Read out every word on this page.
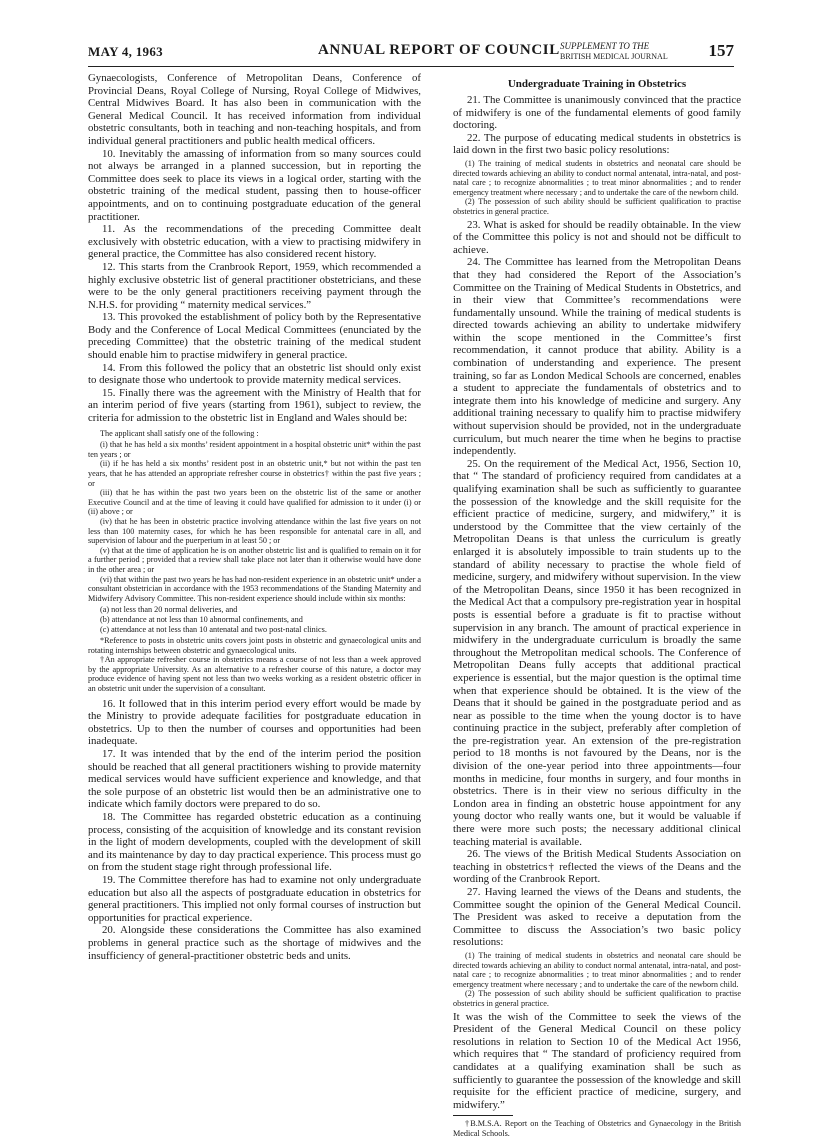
MAY 4, 1963	ANNUAL REPORT OF COUNCIL SUPPLEMENT TO THE
BRITISH MEDICAL JOURNAL 157

Gynaecologists, Conference of Metropolitan Deans, Conference of Provincial Deans, Royal College of Nursing, Royal College of Midwives, Central Midwives Board. It has also been in communication with the General Medical Council. It has received information from individual obstetric consultants, both in teaching and non-teaching hospitals, and from individual general practitioners and public health medical officers.

10. Inevitably the amassing of information from so many sources could not always be arranged in a planned succession, but in reporting the Committee does seek to place its views in a logical order, starting with the obstetric training of the medical student, passing then to house-officer appointments, and on to continuing postgraduate education of the general practitioner.

11. As the recommendations of the preceding Committee dealt exclusively with obstetric education, with a view to practising midwifery in general practice, the Committee has also considered recent history.

12. This starts from the Cranbrook Report, 1959, which recommended a highly exclusive obstetric list of general practitioner obstetricians, and these were to be the only general practitioners receiving payment through the N.H.S. for providing “ maternity medical services.”

13. This provoked the establishment of policy both by the Representative Body and the Conference of Local Medical Committees (enunciated by the preceding Committee) that the obstetric training of the medical student should enable him to practise midwifery in general practice.

14. From this followed the policy that an obstetric list should only exist to designate those who undertook to provide maternity medical services.

15. Finally there was the agreement with the Ministry of Health that for an interim period of five years (starting from 1961), subject to review, the criteria for admission to the obstetric list in England and Wales should be:

The applicant shall satisfy one of the following :

(i) that he has held a six months’ resident appointment in a hospital obstetric unit* within the past ten years ; or

(ii) if he has held a six months’ resident post in an obstetric unit,* but not within the past ten years, that he has attended an appropriate refresher course in obstetrics† within the past five years ; or

(iii) that he has within the past two years been on the obstetric list of the same or another Executive Council and at the time of leaving it could have qualified for admission to it under (i) or (ii) above ; or

(iv) that he has been in obstetric practice involving attendance within the last five years on not less than 100 maternity cases, for which he has been responsible for antenatal care in all, and supervision of labour and the puerperium in at least 50 ; or

(v) that at the time of application he is on another obstetric list and is qualified to remain on it for a further period ; provided that a review shall take place not later than it otherwise would have done in the other area ; or

(vi) that within the past two years he has had non-resident experience in an obstetric unit* under a consultant obstetrician in accordance with the 1953 recommendations of the Standing Maternity and Midwifery Advisory Committee. This non-resident experience should include within six months:

(a) not less than 20 normal deliveries, and

(b) attendance at not less than 10 abnormal confinements, and

(c) attendance at not less than 10 antenatal and two post-natal clinics.

*Reference to posts in obstetric units covers joint posts in obstetric and gynaecological units and rotating internships between obstetric and gynaecological units.

†An appropriate refresher course in obstetrics means a course of not less than a week approved by the appropriate University. As an alternative to a refresher course of this nature, a doctor may produce evidence of having spent not less than two weeks working as a resident obstetric officer in an obstetric unit under the supervision of a consultant.

16. It followed that in this interim period every effort would be made by the Ministry to provide adequate facilities for postgraduate education in obstetrics. Up to then the number of courses and opportunities had been inadequate.

17. It was intended that by the end of the interim period the position should be reached that all general practitioners wishing to provide maternity medical services would have sufficient experience and knowledge, and that the sole purpose of an obstetric list would then be an administrative one to indicate which family doctors were prepared to do so.

18. The Committee has regarded obstetric education as a continuing process, consisting of the acquisition of knowledge and its constant revision in the light of modern developments, coupled with the development of skill and its maintenance by day to day practical experience. This process must go on from the student stage right through professional life.

19. The Committee therefore has had to examine not only undergraduate education but also all the aspects of postgraduate education in obstetrics for general practitioners. This implied not only formal courses of instruction but opportunities for practical experience.

20. Alongside these considerations the Committee has also examined problems in general practice such as the shortage of midwives and the insufficiency of general-practitioner obstetric beds and units.

Undergraduate Training in Obstetrics

21. The Committee is unanimously convinced that the practice of midwifery is one of the fundamental elements of good family doctoring.

22. The purpose of educating medical students in obstetrics is laid down in the first two basic policy resolutions:

(1) The training of medical students in obstetrics and neonatal care should be directed towards achieving an ability to conduct normal antenatal, intra-natal, and post-natal care ; to recognize abnormalities ; to treat minor abnormalities ; and to render emergency treatment where necessary ; and to undertake the care of the newborn child.

(2) The possession of such ability should be sufficient qualification to practise obstetrics in general practice.

23. What is asked for should be readily obtainable. In the view of the Committee this policy is not and should not be difficult to achieve.

24. The Committee has learned from the Metropolitan Deans that they had considered the Report of the Association’s Committee on the Training of Medical Students in Obstetrics, and in their view that Committee’s recommendations were fundamentally unsound. While the training of medical students is directed towards achieving an ability to undertake midwifery within the scope mentioned in the Committee’s first recommendation, it cannot produce that ability. Ability is a combination of understanding and experience. The present training, so far as London Medical Schools are concerned, enables a student to appreciate the fundamentals of obstetrics and to integrate them into his knowledge of medicine and surgery. Any additional training necessary to qualify him to practise midwifery without supervision should be provided, not in the undergraduate curriculum, but much nearer the time when he begins to practise independently.

25. On the requirement of the Medical Act, 1956, Section 10, that “ The standard of proficiency required from candidates at a qualifying examination shall be such as sufficiently to guarantee the possession of the knowledge and the skill requisite for the efficient practice of medicine, surgery, and midwifery,” it is understood by the Committee that the view certainly of the Metropolitan Deans is that unless the curriculum is greatly enlarged it is absolutely impossible to train students up to the standard of ability necessary to practise the whole field of medicine, surgery, and midwifery without supervision. In the view of the Metropolitan Deans, since 1950 it has been recognized in the Medical Act that a compulsory pre-registration year in hospital posts is essential before a graduate is fit to practise without supervision in any branch. The amount of practical experience in midwifery in the undergraduate curriculum is broadly the same throughout the Metropolitan medical schools. The Conference of Metropolitan Deans fully accepts that additional practical experience is essential, but the major question is the optimal time when that experience should be obtained. It is the view of the Deans that it should be gained in the postgraduate period and as near as possible to the time when the young doctor is to have continuing practice in the subject, preferably after completion of the pre-registration year. An extension of the pre-registration period to 18 months is not favoured by the Deans, nor is the division of the one-year period into three appointments—four months in medicine, four months in surgery, and four months in obstetrics. There is in their view no serious difficulty in the London area in finding an obstetric house appointment for any young doctor who really wants one, but it would be valuable if there were more such posts; the necessary additional clinical teaching material is available.

26. The views of the British Medical Students Association on teaching in obstetrics† reflected the views of the Deans and the wording of the Cranbrook Report.

27. Having learned the views of the Deans and students, the Committee sought the opinion of the General Medical Council. The President was asked to receive a deputation from the Committee to discuss the Association’s two basic policy resolutions:

(1) The training of medical students in obstetrics and neonatal care should be directed towards achieving an ability to conduct normal antenatal, intra-natal, and post-natal care ; to recognize abnormalities ; to treat minor abnormalities ; and to render emergency treatment where necessary ; and to undertake the care of the newborn child.

(2) The possession of such ability should be sufficient qualification to practise obstetrics in general practice.

It was the wish of the Committee to seek the views of the President of the General Medical Council on these policy resolutions in relation to Section 10 of the Medical Act 1956, which requires that “ The standard of proficiency required from candidates at a qualifying examination shall be such as sufficiently to guarantee the possession of the knowledge and skill requisite for the efficient practice of medicine, surgery, and midwifery.”

†B.M.S.A. Report on the Teaching of Obstetrics and Gynaecology in the British Medical Schools.
